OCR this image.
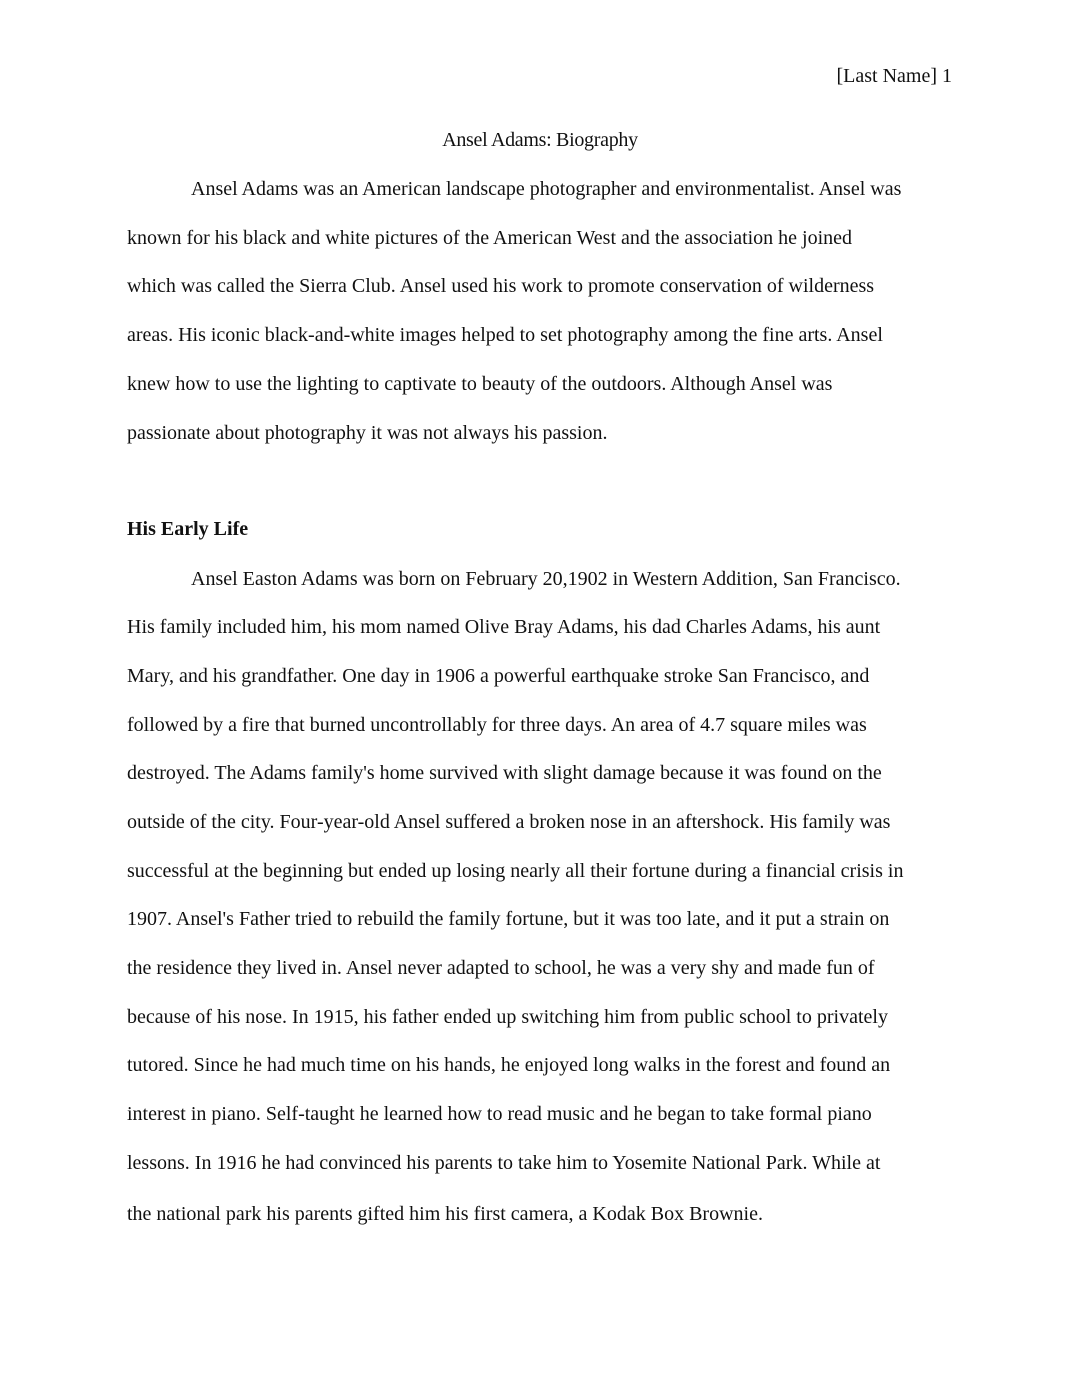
[Last Name] 1
Ansel Adams: Biography
Ansel Adams was an American landscape photographer and environmentalist. Ansel was
known for his black and white pictures of the American West and the association he joined
which was called the Sierra Club. Ansel used his work to promote conservation of wilderness
areas. His iconic black-and-white images helped to set photography among the fine arts. Ansel
knew how to use the lighting to captivate to beauty of the outdoors. Although Ansel was
passionate about photography it was not always his passion.
His Early Life
Ansel Easton Adams was born on February 20,1902 in Western Addition, San Francisco.
His family included him, his mom named Olive Bray Adams, his dad Charles Adams, his aunt
Mary, and his grandfather. One day in 1906 a powerful earthquake stroke San Francisco, and
followed by a fire that burned uncontrollably for three days. An area of 4.7 square miles was
destroyed. The Adams family's home survived with slight damage because it was found on the
outside of the city. Four-year-old Ansel suffered a broken nose in an aftershock. His family was
successful at the beginning but ended up losing nearly all their fortune during a financial crisis in
1907. Ansel's Father tried to rebuild the family fortune, but it was too late, and it put a strain on
the residence they lived in. Ansel never adapted to school, he was a very shy and made fun of
because of his nose. In 1915, his father ended up switching him from public school to privately
tutored. Since he had much time on his hands, he enjoyed long walks in the forest and found an
interest in piano. Self-taught he learned how to read music and he began to take formal piano
lessons. In 1916 he had convinced his parents to take him to Yosemite National Park. While at
the national park his parents gifted him his first camera, a Kodak Box Brownie.
